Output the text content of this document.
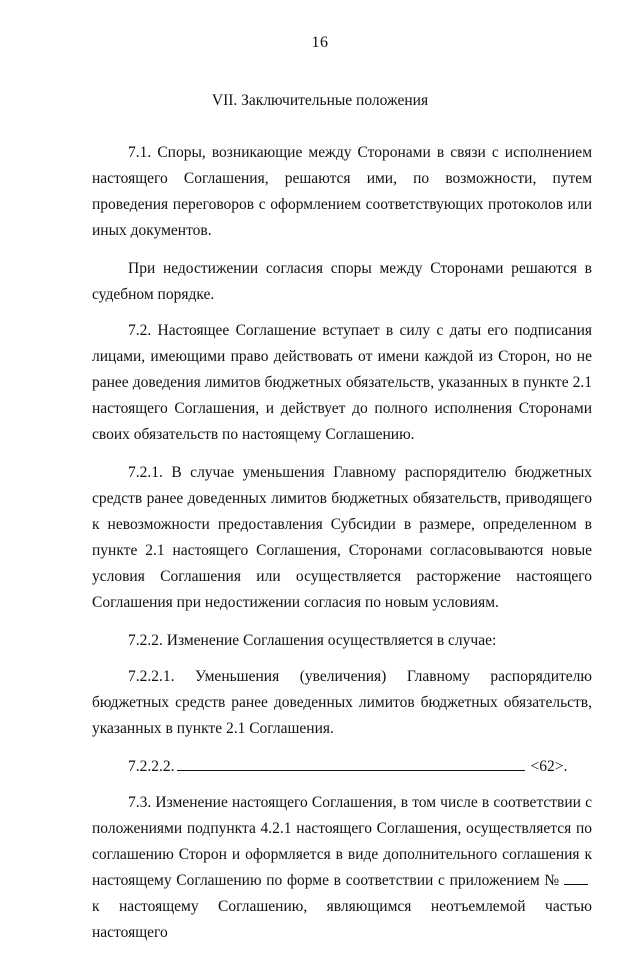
16
VII. Заключительные положения

7.1. Споры, возникающие между Сторонами в связи с исполнением настоящего Соглашения, решаются ими, по возможности, путем проведения переговоров с оформлением соответствующих протоколов или иных документов.

При недостижении согласия споры между Сторонами решаются в судебном порядке.

7.2. Настоящее Соглашение вступает в силу с даты его подписания лицами, имеющими право действовать от имени каждой из Сторон, но не ранее доведения лимитов бюджетных обязательств, указанных в пункте 2.1 настоящего Соглашения, и действует до полного исполнения Сторонами своих обязательств по настоящему Соглашению.

7.2.1. В случае уменьшения Главному распорядителю бюджетных средств ранее доведенных лимитов бюджетных обязательств, приводящего к невозможности предоставления Субсидии в размере, определенном в пункте 2.1 настоящего Соглашения, Сторонами согласовываются новые условия Соглашения или осуществляется расторжение настоящего Соглашения при недостижении согласия по новым условиям.

7.2.2. Изменение Соглашения осуществляется в случае:

7.2.2.1. Уменьшения (увеличения) Главному распорядителю бюджетных средств ранее доведенных лимитов бюджетных обязательств, указанных в пункте 2.1 Соглашения.

7.2.2.2.	<62>.

7.3. Изменение настоящего Соглашения, в том числе в соответствии с положениями подпункта 4.2.1 настоящего Соглашения, осуществляется по соглашению Сторон и оформляется в виде дополнительного соглашения к настоящему Соглашению по форме в соответствии с приложением №к настоящему Соглашению, являющимся неотъемлемой частью настоящего
